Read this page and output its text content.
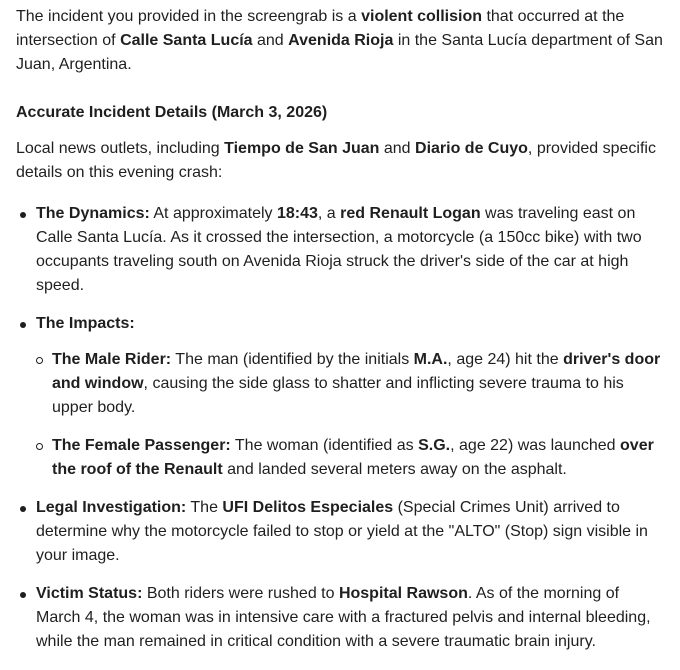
The incident you provided in the screengrab is a violent collision that occurred at the intersection of Calle Santa Lucía and Avenida Rioja in the Santa Lucía department of San Juan, Argentina.

Accurate Incident Details (March 3, 2026)

Local news outlets, including Tiempo de San Juan and Diario de Cuyo, provided specific details on this evening crash:

The Dynamics: At approximately 18:43, a red Renault Logan was traveling east on Calle Santa Lucía. As it crossed the intersection, a motorcycle (a 150cc bike) with two occupants traveling south on Avenida Rioja struck the driver's side of the car at high speed.
The Impacts:
The Male Rider: The man (identified by the initials M.A., age 24) hit the driver's door and window, causing the side glass to shatter and inflicting severe trauma to his upper body.
The Female Passenger: The woman (identified as S.G., age 22) was launched over the roof of the Renault and landed several meters away on the asphalt.
Legal Investigation: The UFI Delitos Especiales (Special Crimes Unit) arrived to determine why the motorcycle failed to stop or yield at the "ALTO" (Stop) sign visible in your image.
Victim Status: Both riders were rushed to Hospital Rawson. As of the morning of March 4, the woman was in intensive care with a fractured pelvis and internal bleeding, while the man remained in critical condition with a severe traumatic brain injury.
